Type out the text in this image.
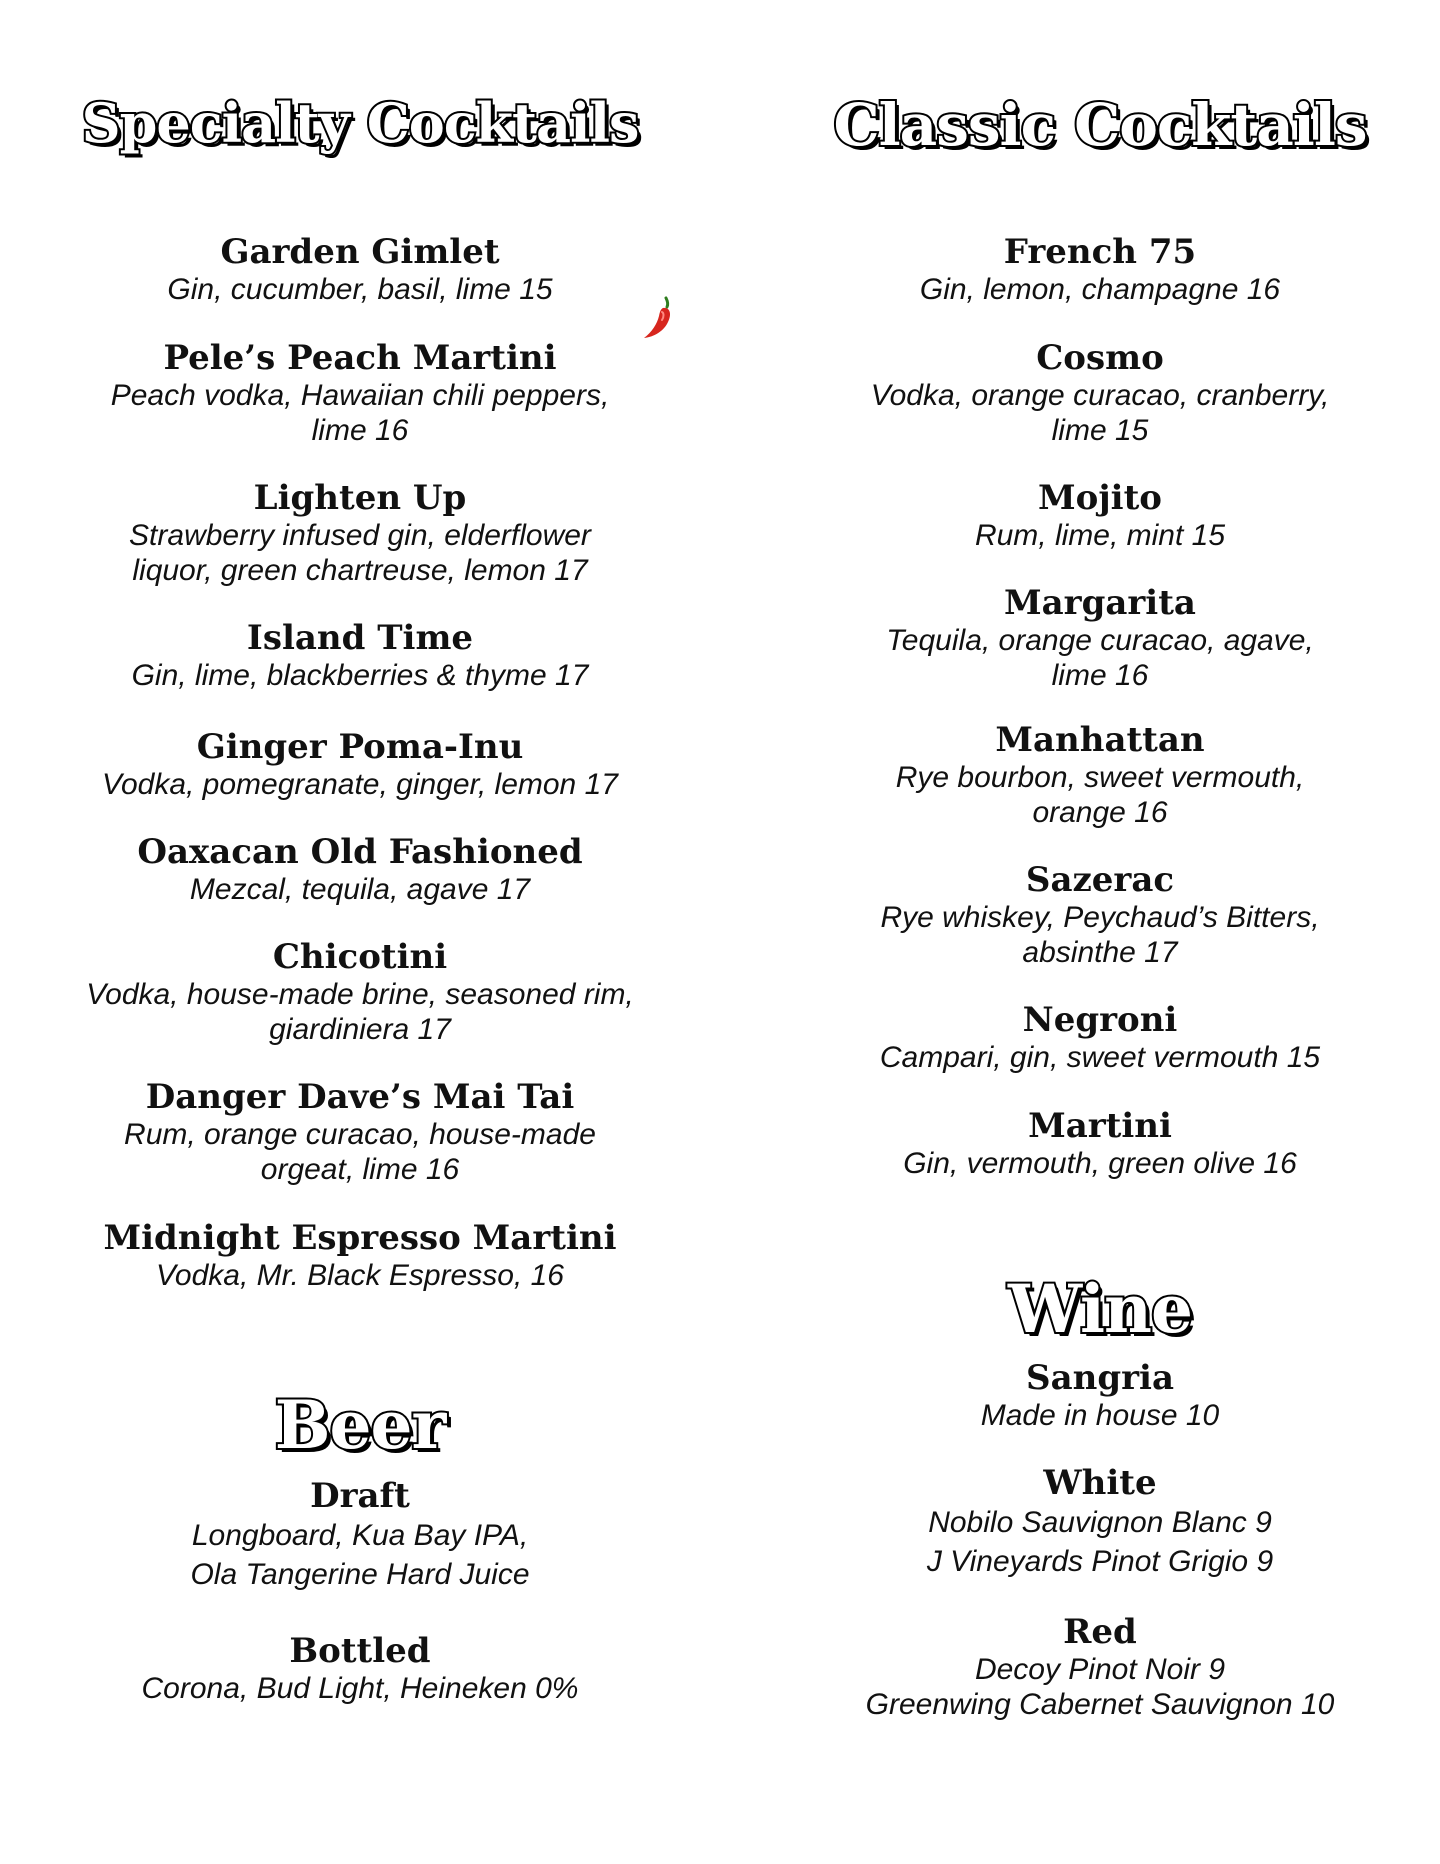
Specialty Cocktails
Garden Gimlet
Gin, cucumber, basil, lime 15
Pele’s Peach Martini
Peach vodka, Hawaiian chili peppers,
lime 16
Lighten Up
Strawberry infused gin, elderflower
liquor, green chartreuse, lemon 17
Island Time
Gin, lime, blackberries & thyme 17
Ginger Poma-Inu
Vodka, pomegranate, ginger, lemon 17
Oaxacan Old Fashioned
Mezcal, tequila, agave 17
Chicotini
Vodka, house-made brine, seasoned rim,
giardiniera 17
Danger Dave’s Mai Tai
Rum, orange curacao, house-made
orgeat, lime 16
Midnight Espresso Martini
Vodka, Mr. Black Espresso, 16
Beer
Draft
Longboard, Kua Bay IPA,
Ola Tangerine Hard Juice
Bottled
Corona, Bud Light, Heineken 0%
Classic Cocktails
French 75
Gin, lemon, champagne 16
Cosmo
Vodka, orange curacao, cranberry,
lime 15
Mojito
Rum, lime, mint 15
Margarita
Tequila, orange curacao, agave,
lime 16
Manhattan
Rye bourbon, sweet vermouth,
orange 16
Sazerac
Rye whiskey, Peychaud’s Bitters,
absinthe 17
Negroni
Campari, gin, sweet vermouth 15
Martini
Gin, vermouth, green olive 16
Wine
Sangria
Made in house 10
White
Nobilo Sauvignon Blanc 9
J Vineyards Pinot Grigio 9
Red
Decoy Pinot Noir 9
Greenwing Cabernet Sauvignon 10
